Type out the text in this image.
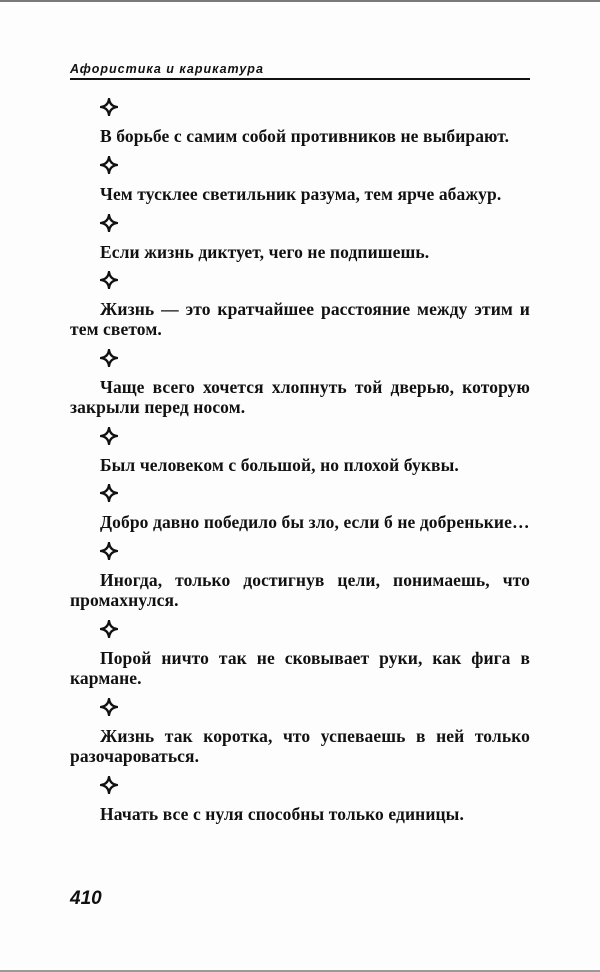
Афористика и карикатура

В борьбе с самим собой противников не выбирают.

Чем тусклее светильник разума, тем ярче абажур.

Если жизнь диктует, чего не подпишешь.

Жизнь — это кратчайшее расстояние между этим и тем светом.

Чаще всего хочется хлопнуть той дверью, которую закрыли перед носом.

Был человеком с большой, но плохой буквы.

Добро давно победило бы зло, если б не добренькие…

Иногда, только достигнув цели, понимаешь, что промахнулся.

Порой ничто так не сковывает руки, как фига в кармане.

Жизнь так коротка, что успеваешь в ней только разочароваться.

Начать все с нуля способны только единицы.

410
